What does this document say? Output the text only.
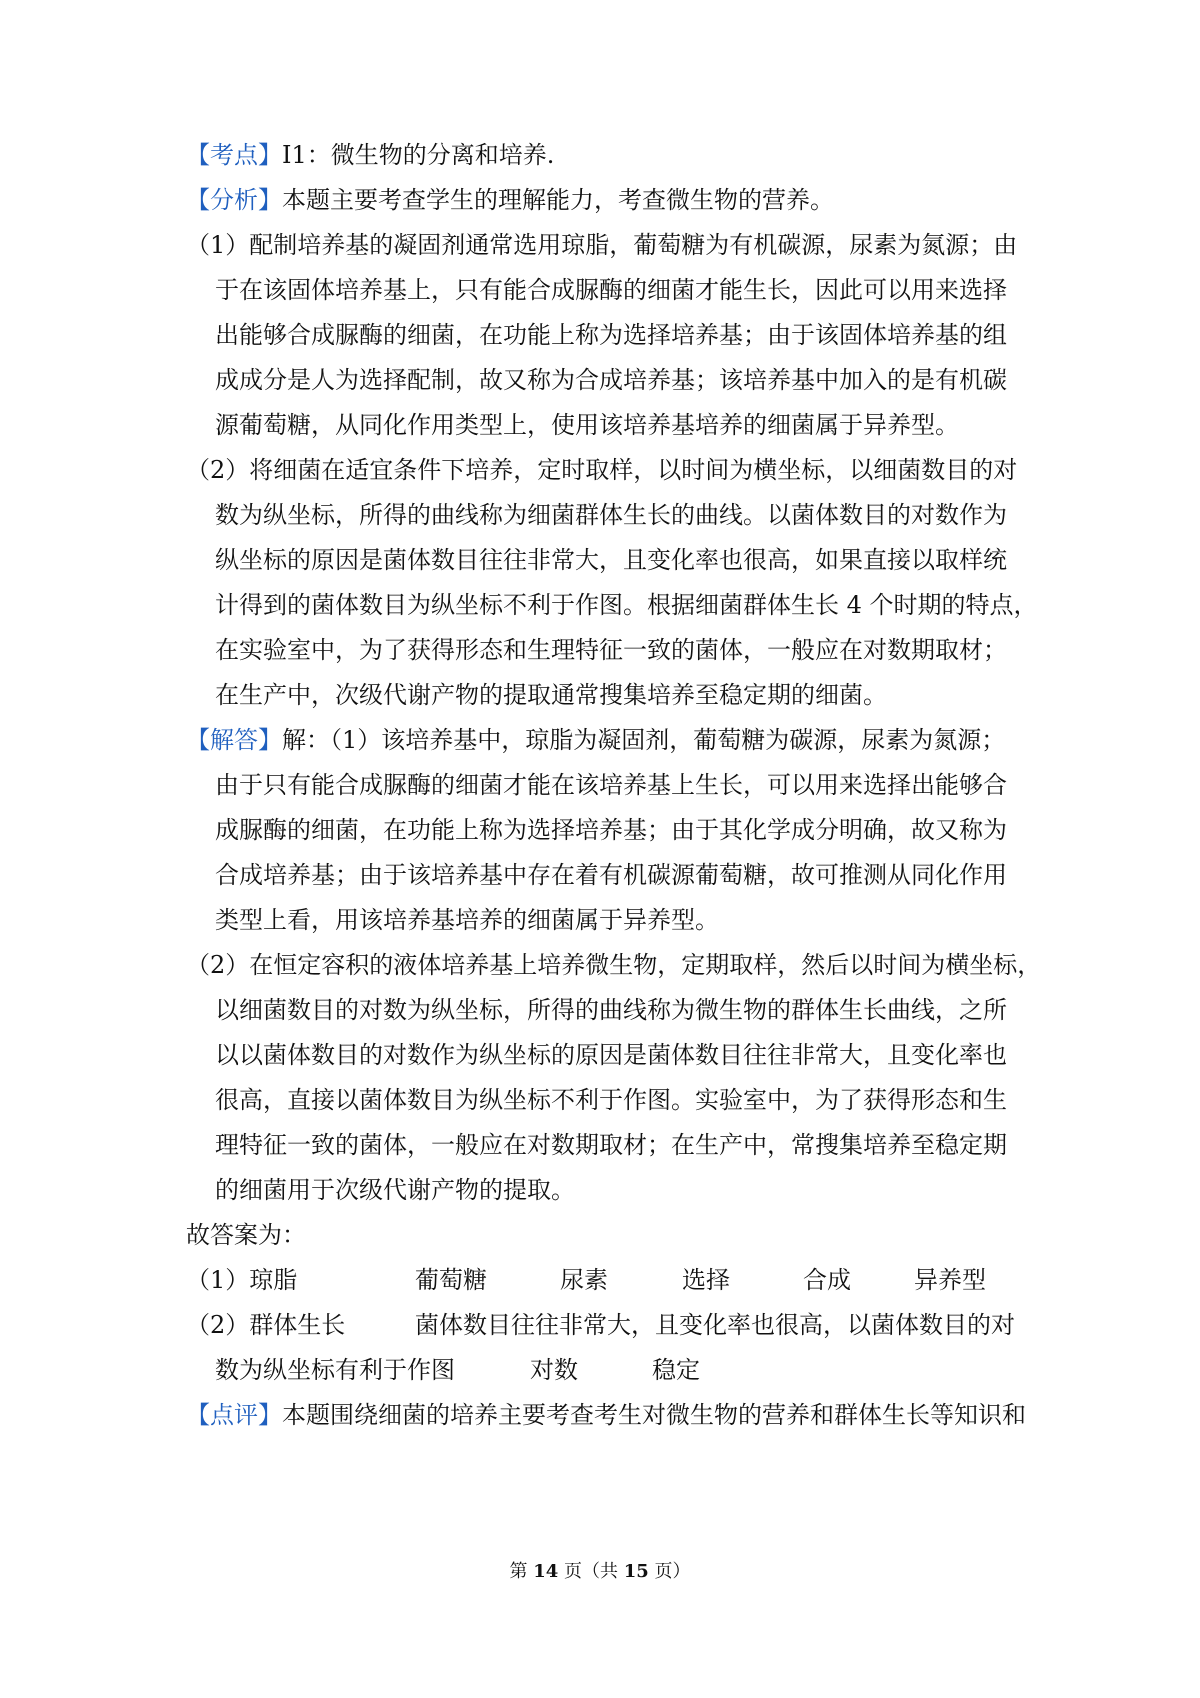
【考点】I1：微生物的分离和培养.
【分析】本题主要考查学生的理解能力，考查微生物的营养。
（1）配制培养基的凝固剂通常选用琼脂，葡萄糖为有机碳源，尿素为氮源；由
于在该固体培养基上，只有能合成脲酶的细菌才能生长，因此可以用来选择
出能够合成脲酶的细菌，在功能上称为选择培养基；由于该固体培养基的组
成成分是人为选择配制，故又称为合成培养基；该培养基中加入的是有机碳
源葡萄糖，从同化作用类型上，使用该培养基培养的细菌属于异养型。
（2）将细菌在适宜条件下培养，定时取样，以时间为横坐标，以细菌数目的对
数为纵坐标，所得的曲线称为细菌群体生长的曲线。以菌体数目的对数作为
纵坐标的原因是菌体数目往往非常大，且变化率也很高，如果直接以取样统
计得到的菌体数目为纵坐标不利于作图。根据细菌群体生长 4 个时期的特点，
在实验室中，为了获得形态和生理特征一致的菌体，一般应在对数期取材；
在生产中，次级代谢产物的提取通常搜集培养至稳定期的细菌。
【解答】解：（1）该培养基中，琼脂为凝固剂，葡萄糖为碳源，尿素为氮源；
由于只有能合成脲酶的细菌才能在该培养基上生长，可以用来选择出能够合
成脲酶的细菌，在功能上称为选择培养基；由于其化学成分明确，故又称为
合成培养基；由于该培养基中存在着有机碳源葡萄糖，故可推测从同化作用
类型上看，用该培养基培养的细菌属于异养型。
（2）在恒定容积的液体培养基上培养微生物，定期取样，然后以时间为横坐标，
以细菌数目的对数为纵坐标，所得的曲线称为微生物的群体生长曲线，之所
以以菌体数目的对数作为纵坐标的原因是菌体数目往往非常大，且变化率也
很高，直接以菌体数目为纵坐标不利于作图。实验室中，为了获得形态和生
理特征一致的菌体，一般应在对数期取材；在生产中，常搜集培养至稳定期
的细菌用于次级代谢产物的提取。
故答案为：
（1）琼脂	葡萄糖	尿素	选择	合成	异养型
（2）群体生长	菌体数目往往非常大，且变化率也很高，以菌体数目的对
数为纵坐标有利于作图	对数	稳定
【点评】本题围绕细菌的培养主要考查考生对微生物的营养和群体生长等知识和
第 14 页（共 15 页）
